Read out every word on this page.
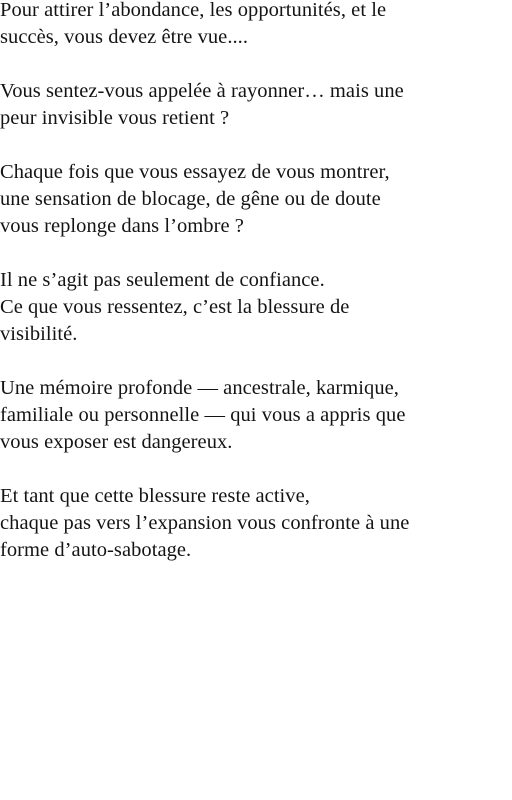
Pour attirer l’abondance, les opportunités, et le
succès, vous devez être vue....

Vous sentez-vous appelée à rayonner… mais une
peur invisible vous retient ?

Chaque fois que vous essayez de vous montrer,
une sensation de blocage, de gêne ou de doute
vous replonge dans l’ombre ?

Il ne s’agit pas seulement de confiance.
Ce que vous ressentez, c’est la blessure de
visibilité.

Une mémoire profonde — ancestrale, karmique,
familiale ou personnelle — qui vous a appris que
vous exposer est dangereux.

Et tant que cette blessure reste active,
chaque pas vers l’expansion vous confronte à une
forme d’auto-sabotage.
